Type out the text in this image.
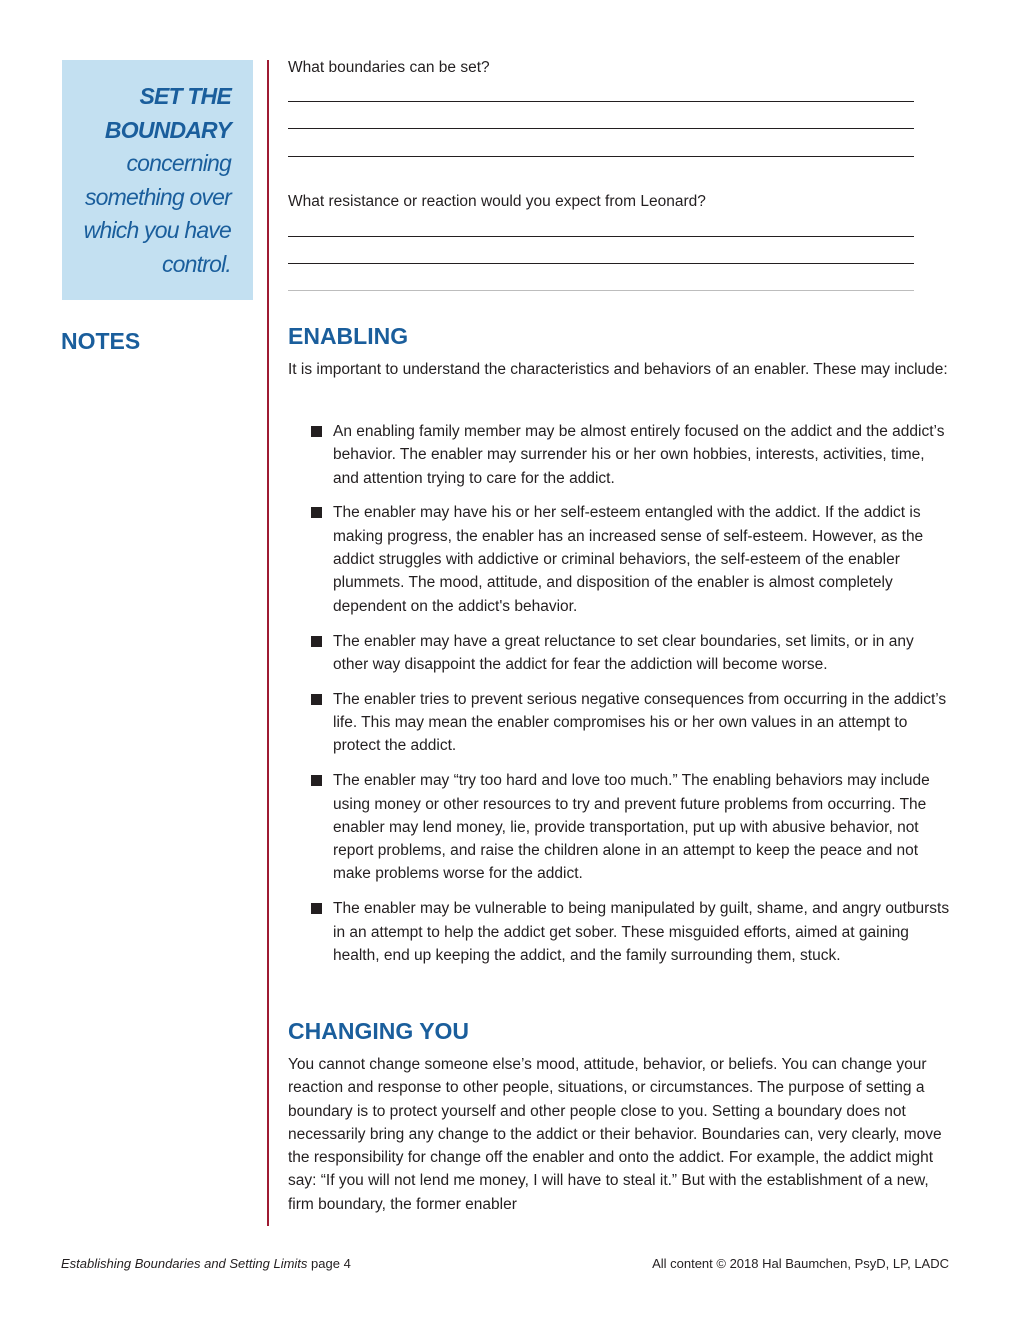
SET THE
BOUNDARY
concerning
something over
which you have
control.
NOTES

What boundaries can be set?

What resistance or reaction would you expect from Leonard?

ENABLING

It is important to understand the characteristics and behaviors of an enabler. These may include:

An enabling family member may be almost entirely focused on the addict and the addict’s behavior. The enabler may surrender his or her own hobbies, interests, activities, time, and attention trying to care for the addict.
The enabler may have his or her self-esteem entangled with the addict. If the addict is making progress, the enabler has an increased sense of self-esteem. However, as the addict struggles with addictive or criminal behaviors, the self-esteem of the enabler plummets. The mood, attitude, and disposition of the enabler is almost completely dependent on the addict's behavior.
The enabler may have a great reluctance to set clear boundaries, set limits, or in any other way disappoint the addict for fear the addiction will become worse.
The enabler tries to prevent serious negative consequences from occurring in the addict’s life. This may mean the enabler compromises his or her own values in an attempt to protect the addict.
The enabler may “try too hard and love too much.” The enabling behaviors may include using money or other resources to try and prevent future problems from occurring. The enabler may lend money, lie, provide transportation, put up with abusive behavior, not report problems, and raise the children alone in an attempt to keep the peace and not make problems worse for the addict.
The enabler may be vulnerable to being manipulated by guilt, shame, and angry outbursts in an attempt to help the addict get sober. These misguided efforts, aimed at gaining health, end up keeping the addict, and the family surrounding them, stuck.
CHANGING YOU

You cannot change someone else’s mood, attitude, behavior, or beliefs. You can change your reaction and response to other people, situations, or circumstances. The purpose of setting a boundary is to protect yourself and other people close to you. Setting a boundary does not necessarily bring any change to the addict or their behavior. Boundaries can, very clearly, move the responsibility for change off the enabler and onto the addict. For example, the addict might say: “If you will not lend me money, I will have to steal it.” But with the establishment of a new, firm boundary, the former enabler

Establishing Boundaries and Setting Limits page 4	All content © 2018 Hal Baumchen, PsyD, LP, LADC
